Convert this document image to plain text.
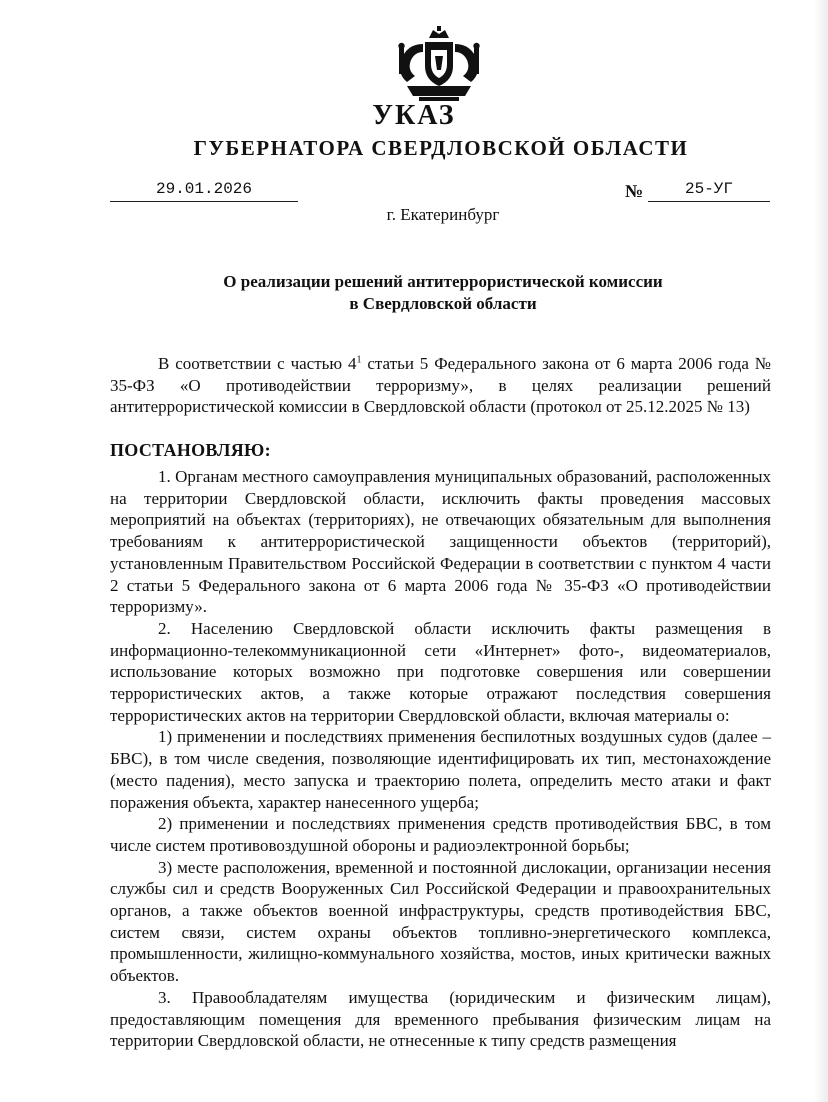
УКАЗ
ГУБЕРНАТОРА СВЕРДЛОВСКОЙ ОБЛАСТИ
29.01.2026	№	25-УГ
г. Екатеринбург
О реализации решений антитеррористической комиссии
в Свердловской области

В соответствии с частью $4^1$ статьи 5 Федерального закона от 6 марта 2006 года № 35-ФЗ «О противодействии терроризму», в целях реализации решений антитеррористической комиссии в Свердловской области (протокол от 25.12.2025 № 13)

ПОСТАНОВЛЯЮ:

1. Органам местного самоуправления муниципальных образований, расположенных на территории Свердловской области, исключить факты проведения массовых мероприятий на объектах (территориях), не отвечающих обязательным для выполнения требованиям к антитеррористической защищенности объектов (территорий), установленным Правительством Российской Федерации в соответствии с пунктом 4 части 2 статьи 5 Федерального закона от 6 марта 2006 года № 35-ФЗ «О противодействии терроризму».

2. Населению Свердловской области исключить факты размещения в информационно-телекоммуникационной сети «Интернет» фото-, видеоматериалов, использование которых возможно при подготовке совершения или совершении террористических актов, а также которые отражают последствия совершения террористических актов на территории Свердловской области, включая материалы о:

1) применении и последствиях применения беспилотных воздушных судов (далее – БВС), в том числе сведения, позволяющие идентифицировать их тип, местонахождение (место падения), место запуска и траекторию полета, определить место атаки и факт поражения объекта, характер нанесенного ущерба;

2) применении и последствиях применения средств противодействия БВС, в том числе систем противовоздушной обороны и радиоэлектронной борьбы;

3) месте расположения, временной и постоянной дислокации, организации несения службы сил и средств Вооруженных Сил Российской Федерации и правоохранительных органов, а также объектов военной инфраструктуры, средств противодействия БВС, систем связи, систем охраны объектов топливно-энергетического комплекса, промышленности, жилищно-коммунального хозяйства, мостов, иных критически важных объектов.

3. Правообладателям имущества (юридическим и физическим лицам), предоставляющим помещения для временного пребывания физическим лицам на территории Свердловской области, не отнесенные к типу средств размещения
